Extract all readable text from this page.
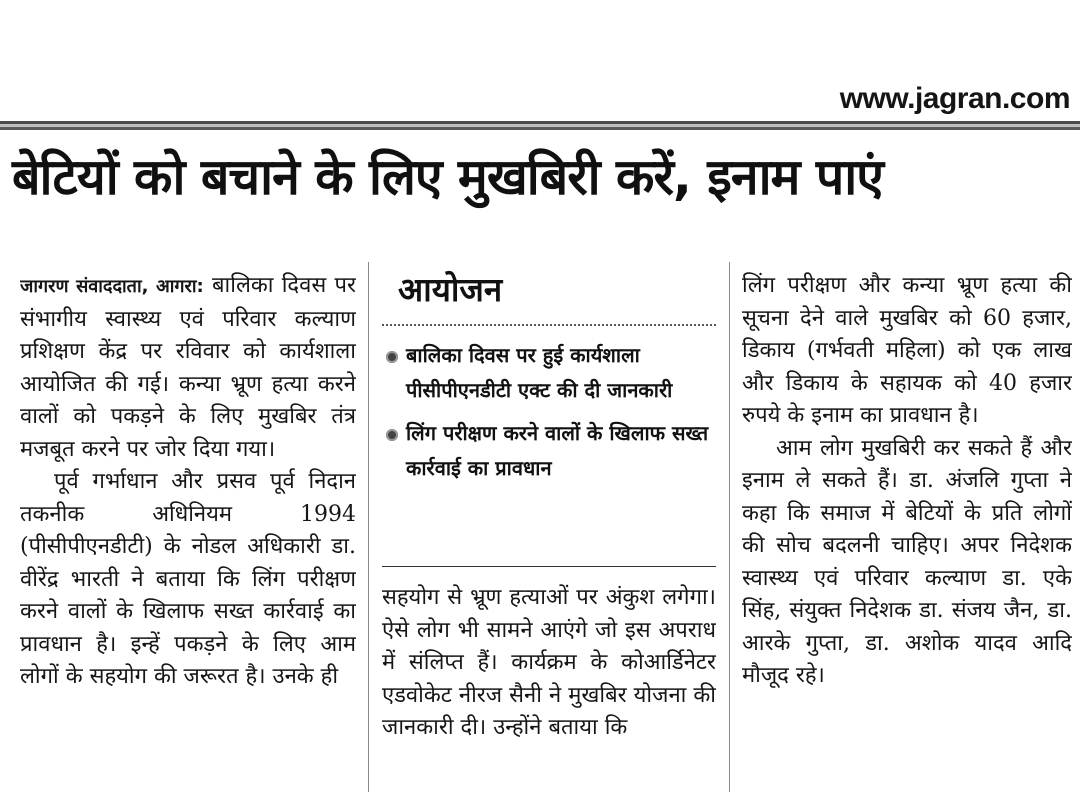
www.jagran.com
बेटियों को बचाने के लिए मुखबिरी करें, इनाम पाएं

जागरण संवाददाता, आगरा: बालिका दिवस पर संभागीय स्वास्थ्य एवं परिवार कल्याण प्रशिक्षण केंद्र पर रविवार को कार्यशाला आयोजित की गई। कन्या भ्रूण हत्या करने वालों को पकड़ने के लिए मुखबिर तंत्र मजबूत करने पर जोर दिया गया।

पूर्व गर्भाधान और प्रसव पूर्व निदान तकनीक अधिनियम 1994 (पीसीपीएनडीटी) के नोडल अधिकारी डा. वीरेंद्र भारती ने बताया कि लिंग परीक्षण करने वालों के खिलाफ सख्त कार्रवाई का प्रावधान है। इन्हें पकड़ने के लिए आम लोगों के सहयोग की जरूरत है। उनके ही

आयोजन
बालिका दिवस पर हुई कार्यशाला पीसीपीएनडीटी एक्ट की दी जानकारी
लिंग परीक्षण करने वालों के खिलाफ सख्त कार्रवाई का प्रावधान

सहयोग से भ्रूण हत्याओं पर अंकुश लगेगा। ऐसे लोग भी सामने आएंगे जो इस अपराध में संलिप्त हैं। कार्यक्रम के कोआर्डिनेटर एडवोकेट नीरज सैनी ने मुखबिर योजना की जानकारी दी। उन्होंने बताया कि

लिंग परीक्षण और कन्या भ्रूण हत्या की सूचना देने वाले मुखबिर को 60 हजार, डिकाय (गर्भवती महिला) को एक लाख और डिकाय के सहायक को 40 हजार रुपये के इनाम का प्रावधान है।

आम लोग मुखबिरी कर सकते हैं और इनाम ले सकते हैं। डा. अंजलि गुप्ता ने कहा कि समाज में बेटियों के प्रति लोगों की सोच बदलनी चाहिए। अपर निदेशक स्वास्थ्य एवं परिवार कल्याण डा. एके सिंह, संयुक्त निदेशक डा. संजय जैन, डा. आरके गुप्ता, डा. अशोक यादव आदि मौजूद रहे।
